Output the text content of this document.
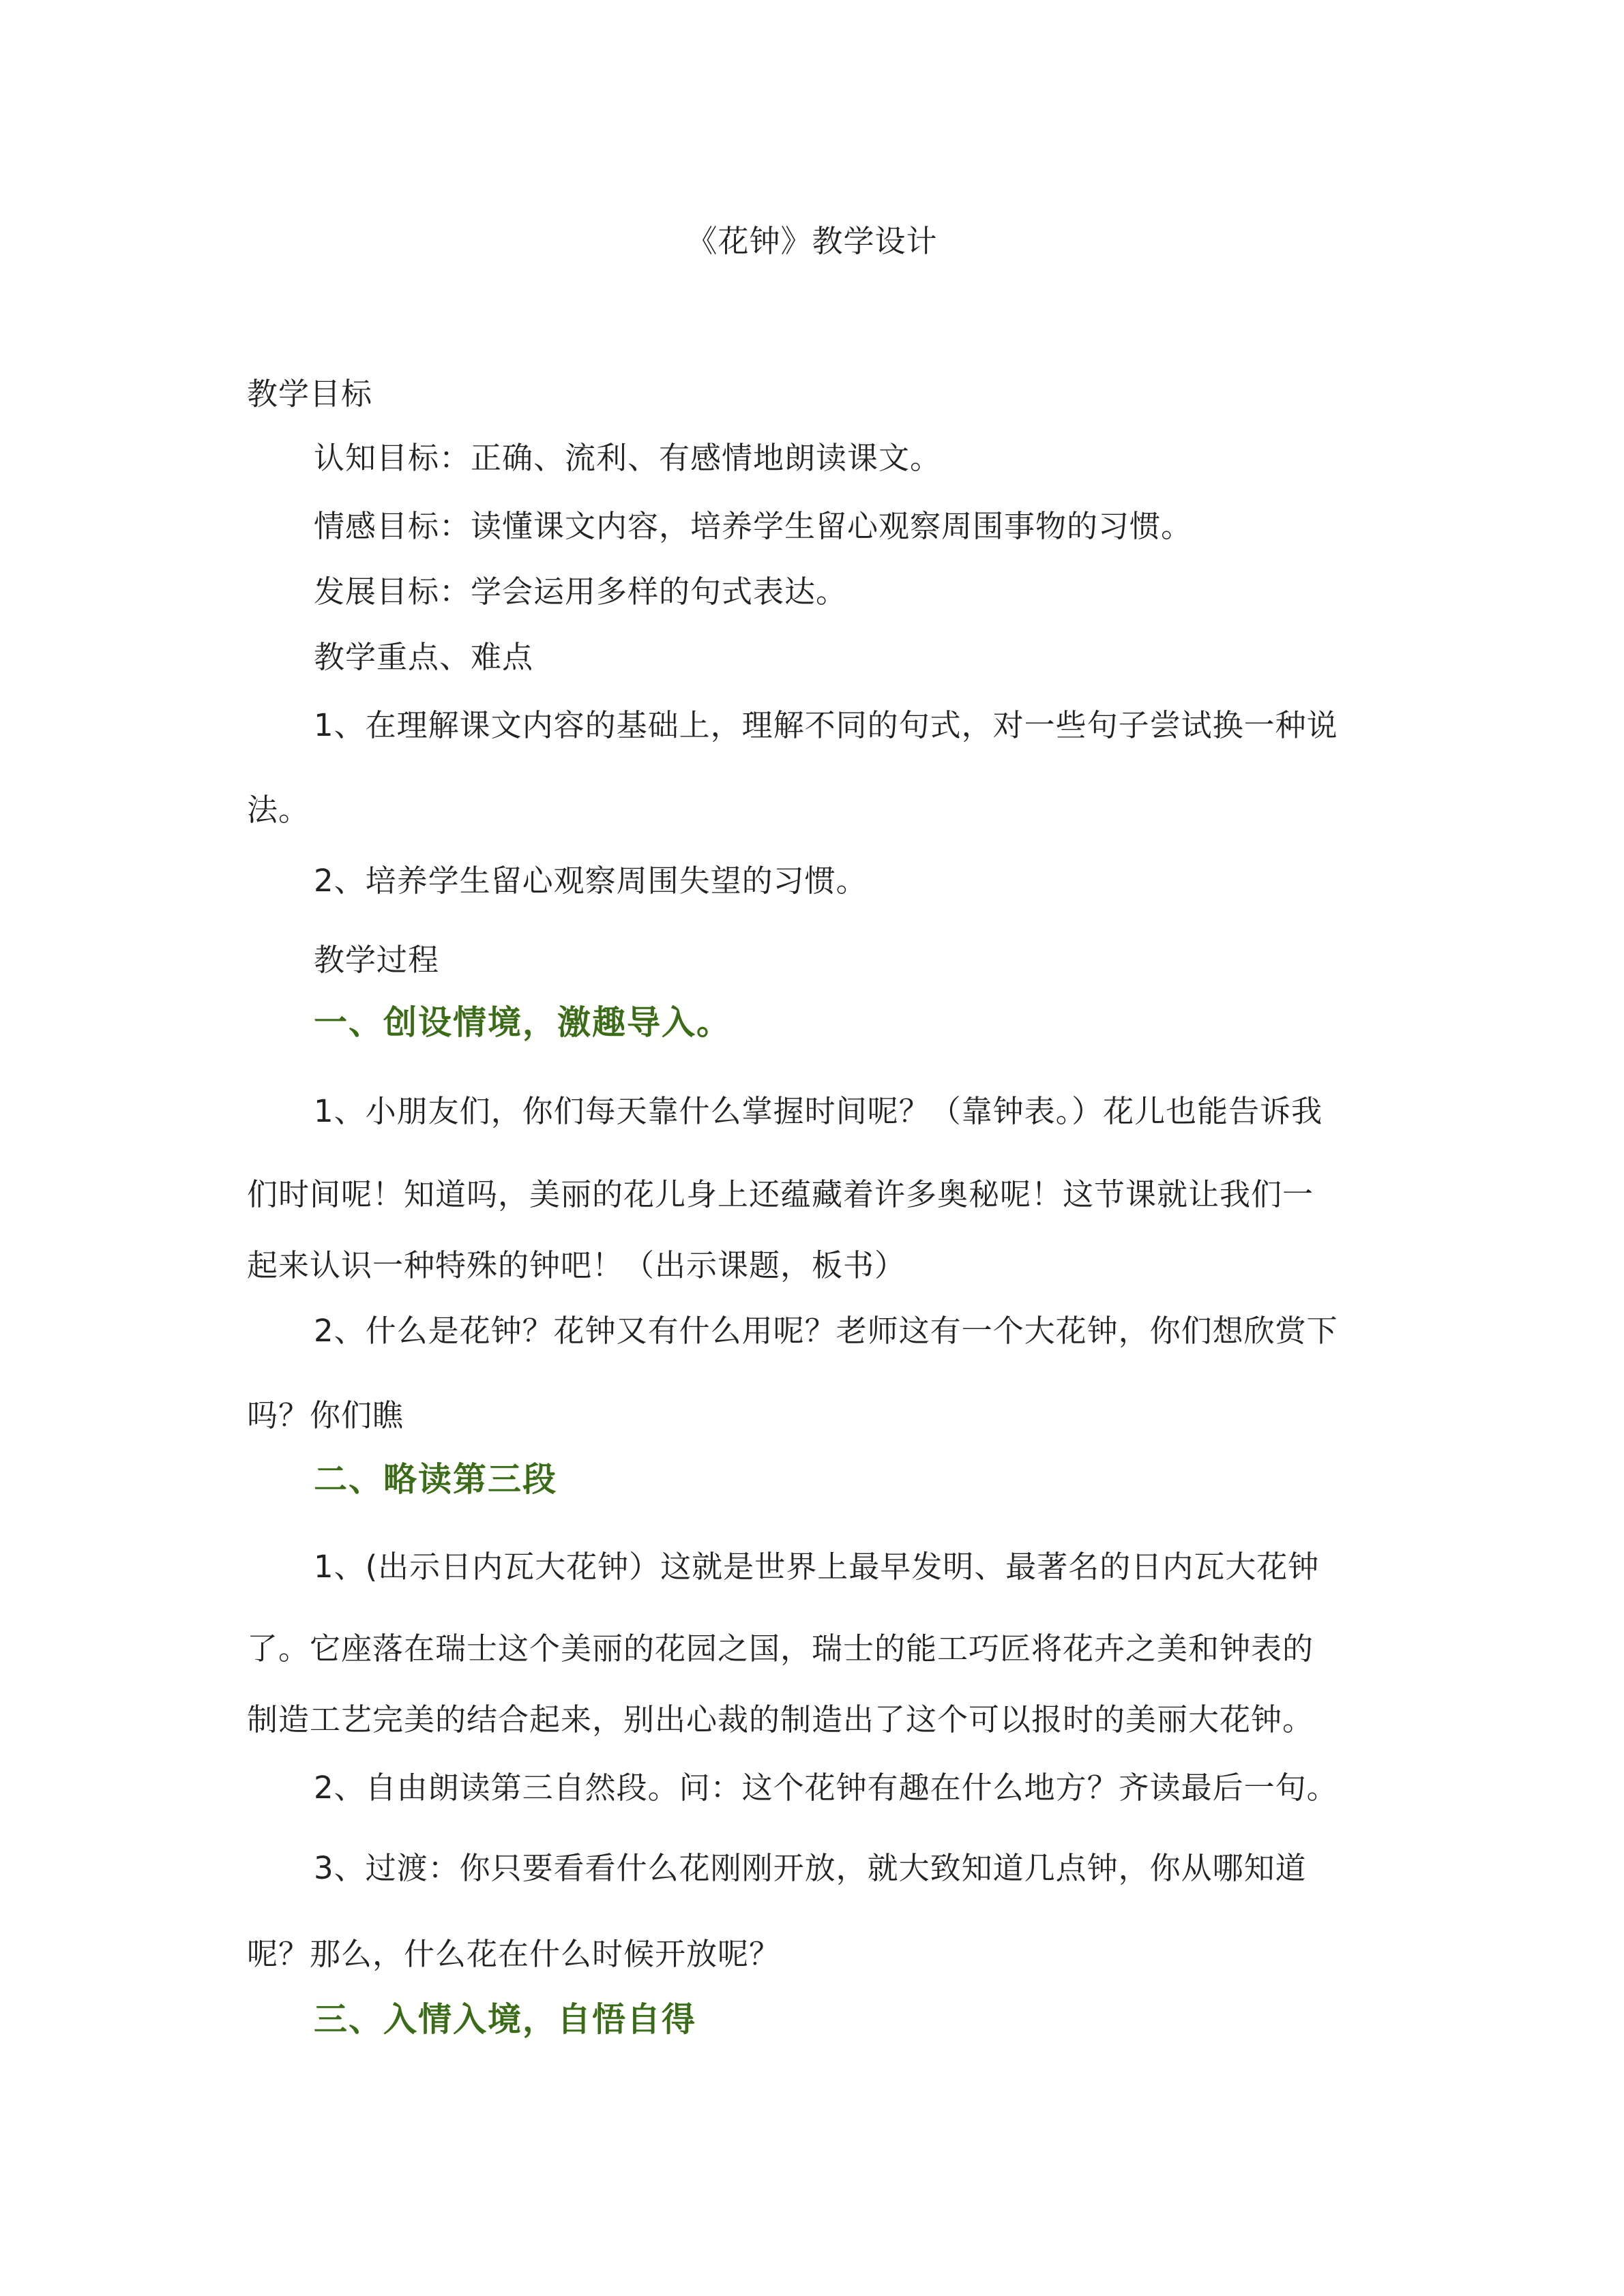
《花钟》教学设计
教学目标
认知目标：正确、流利、有感情地朗读课文。
情感目标：读懂课文内容，培养学生留心观察周围事物的习惯。
发展目标：学会运用多样的句式表达。
教学重点、难点
1、在理解课文内容的基础上，理解不同的句式，对一些句子尝试换一种说
法。
2、培养学生留心观察周围失望的习惯。
教学过程
一、创设情境，激趣导入。
1、小朋友们，你们每天靠什么掌握时间呢？（靠钟表。）花儿也能告诉我
们时间呢！知道吗，美丽的花儿身上还蕴藏着许多奥秘呢！这节课就让我们一
起来认识一种特殊的钟吧！（出示课题，板书）
2、什么是花钟？花钟又有什么用呢？老师这有一个大花钟，你们想欣赏下
吗？你们瞧
二、略读第三段
1、(出示日内瓦大花钟）这就是世界上最早发明、最著名的日内瓦大花钟
了。它座落在瑞士这个美丽的花园之国，瑞士的能工巧匠将花卉之美和钟表的
制造工艺完美的结合起来，别出心裁的制造出了这个可以报时的美丽大花钟。
2、自由朗读第三自然段。问：这个花钟有趣在什么地方？齐读最后一句。
3、过渡：你只要看看什么花刚刚开放，就大致知道几点钟，你从哪知道
呢？那么，什么花在什么时候开放呢？
三、入情入境，自悟自得
